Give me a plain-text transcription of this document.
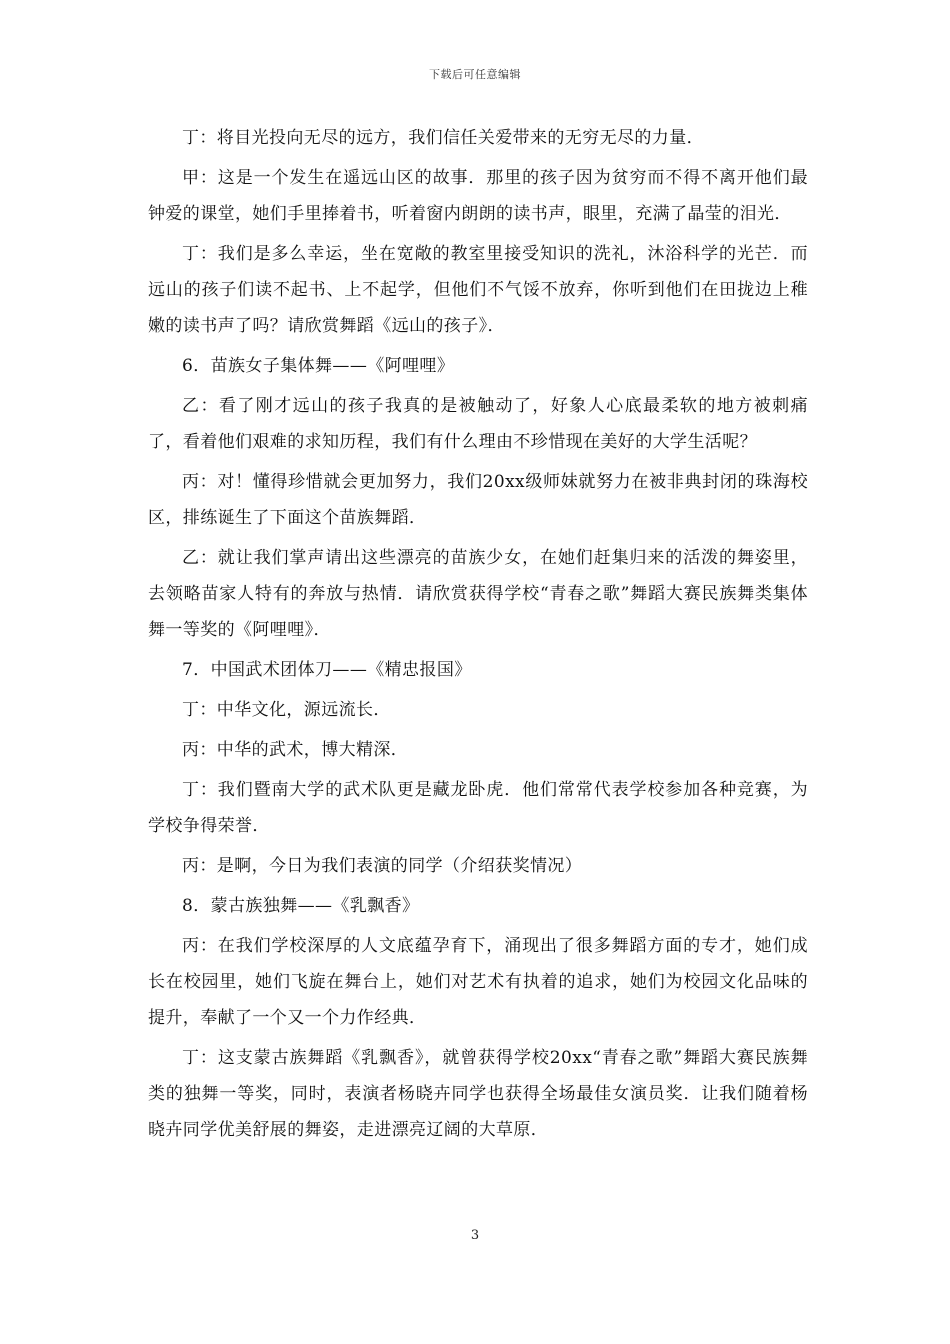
下载后可任意编辑

丁：将目光投向无尽的远方，我们信任关爱带来的无穷无尽的力量．

甲：这是一个发生在遥远山区的故事．那里的孩子因为贫穷而不得不离开他们最钟爱的课堂，她们手里捧着书，听着窗内朗朗的读书声，眼里，充满了晶莹的泪光．

丁：我们是多么幸运，坐在宽敞的教室里接受知识的洗礼，沐浴科学的光芒．而远山的孩子们读不起书、上不起学，但他们不气馁不放弃，你听到他们在田拢边上稚嫩的读书声了吗？请欣赏舞蹈《远山的孩子》．

6．苗族女子集体舞——《阿哩哩》

乙：看了刚才远山的孩子我真的是被触动了，好象人心底最柔软的地方被刺痛了，看着他们艰难的求知历程，我们有什么理由不珍惜现在美好的大学生活呢？

丙：对！懂得珍惜就会更加努力，我们20xx级师妹就努力在被非典封闭的珠海校区，排练诞生了下面这个苗族舞蹈．

乙：就让我们掌声请出这些漂亮的苗族少女，在她们赶集归来的活泼的舞姿里，去领略苗家人特有的奔放与热情．请欣赏获得学校“青春之歌”舞蹈大赛民族舞类集体舞一等奖的《阿哩哩》．

7．中国武术团体刀——《精忠报国》

丁：中华文化，源远流长．

丙：中华的武术，博大精深．

丁：我们暨南大学的武术队更是藏龙卧虎．他们常常代表学校参加各种竞赛，为学校争得荣誉．

丙：是啊，今日为我们表演的同学（介绍获奖情况）

8．蒙古族独舞——《乳飘香》

丙：在我们学校深厚的人文底蕴孕育下，涌现出了很多舞蹈方面的专才，她们成长在校园里，她们飞旋在舞台上，她们对艺术有执着的追求，她们为校园文化品味的提升，奉献了一个又一个力作经典．

丁：这支蒙古族舞蹈《乳飘香》，就曾获得学校20xx“青春之歌”舞蹈大赛民族舞类的独舞一等奖，同时，表演者杨晓卉同学也获得全场最佳女演员奖．让我们随着杨晓卉同学优美舒展的舞姿，走进漂亮辽阔的大草原．

3
